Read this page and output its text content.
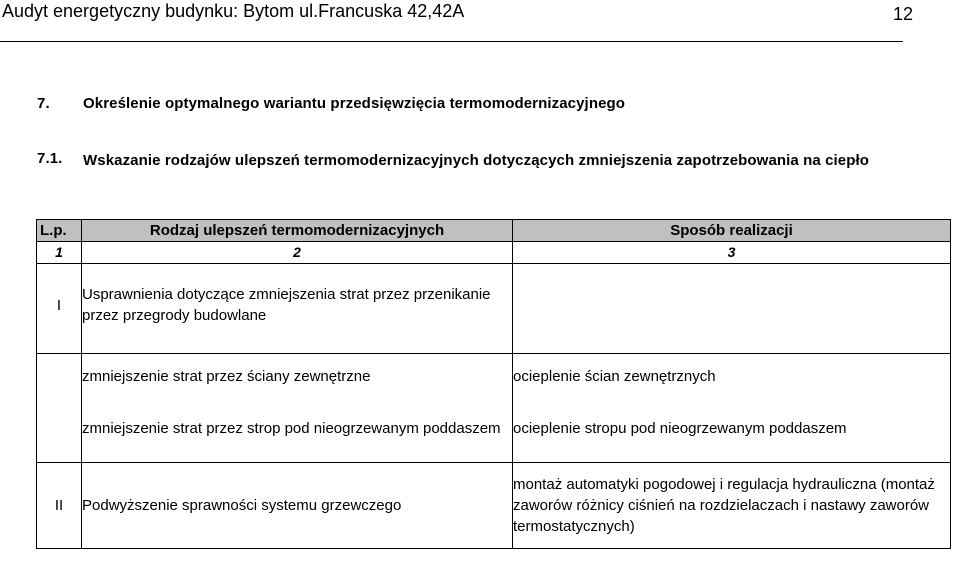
Audyt energetyczny budynku: Bytom ul.Francuska 42,42A	12
7. Określenie optymalnego wariantu przedsięwzięcia termomodernizacyjnego
7.1. Wskazanie rodzajów ulepszeń termomodernizacyjnych dotyczących zmniejszenia zapotrzebowania na ciepło
L.p.	Rodzaj ulepszeń termomodernizacyjnych	Sposób realizacji
1	2	3
I	Usprawnienia dotyczące zmniejszenia strat przez przenikanie przez przegrody budowlane	

	zmniejszenie strat przez ściany zewnętrzne	ocieplenie ścian zewnętrznych
	zmniejszenie strat przez strop pod nieogrzewanym poddaszem	ocieplenie stropu pod nieogrzewanym poddaszem

II	Podwyższenie sprawności systemu grzewczego	montaż automatyki pogodowej i regulacja hydrauliczna (montaż zaworów różnicy ciśnień na rozdzielaczach i nastawy zaworów termostatycznych)
